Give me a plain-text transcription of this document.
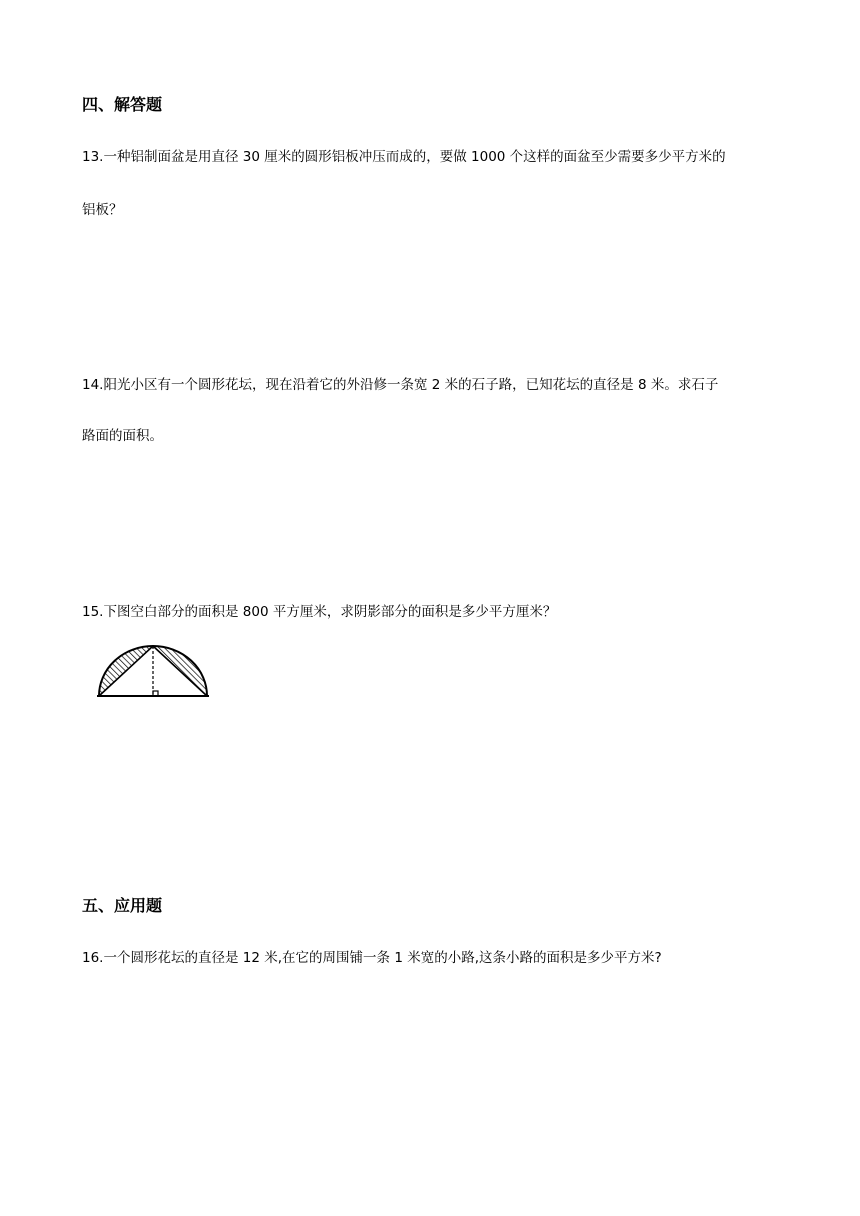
四、解答题

13.一种铝制面盆是用直径 30 厘米的圆形铝板冲压而成的，要做 1000 个这样的面盆至少需要多少平方米的

铝板？

14.阳光小区有一个圆形花坛，现在沿着它的外沿修一条宽 2 米的石子路，已知花坛的直径是 8 米。求石子

路面的面积。

15.下图空白部分的面积是 800 平方厘米，求阴影部分的面积是多少平方厘米？

五、应用题

16.一个圆形花坛的直径是 12 米,在它的周围铺一条 1 米宽的小路,这条小路的面积是多少平方米?
